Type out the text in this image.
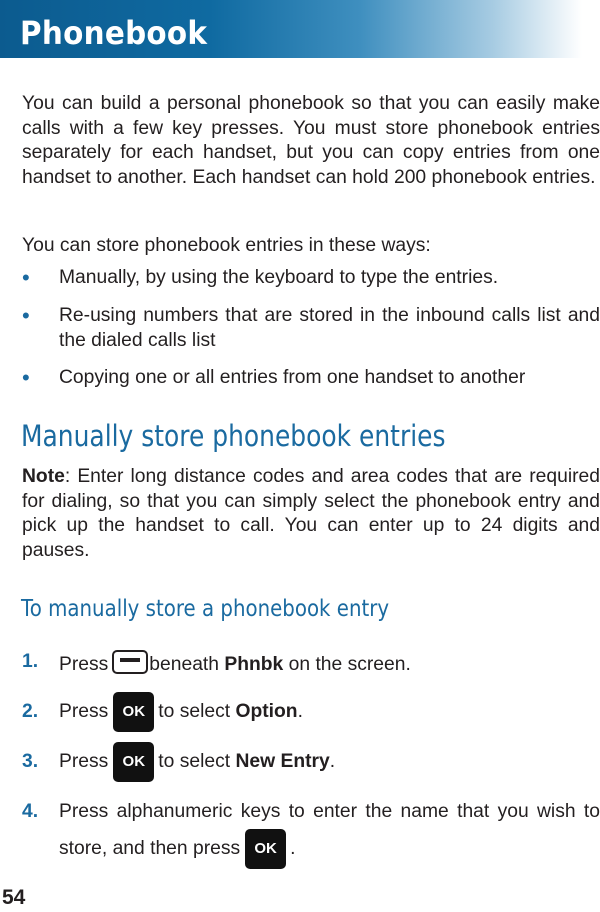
Phonebook

You can build a personal phonebook so that you can easily make calls with a few key presses. You must store phonebook entries separately for each handset, but you can copy entries from one handset to another. Each handset can hold 200 phonebook entries.

You can store phonebook entries in these ways:

• Manually, by using the keyboard to type the entries.
• Re-using numbers that are stored in the inbound calls list and the dialed calls list
• Copying one or all entries from one handset to another
Manually store phonebook entries

Note: Enter long distance codes and area codes that are required for dialing, so that you can simply select the phonebook entry and pick up the handset to call. You can enter up to 24 digits and pauses.

To manually store a phonebook entry
1. Press beneath Phnbk on the screen.
2. Press OK to select Option.
3. Press OK to select New Entry.
4. Press alphanumeric keys to enter the name that you wish to store, and then press OK .
54
